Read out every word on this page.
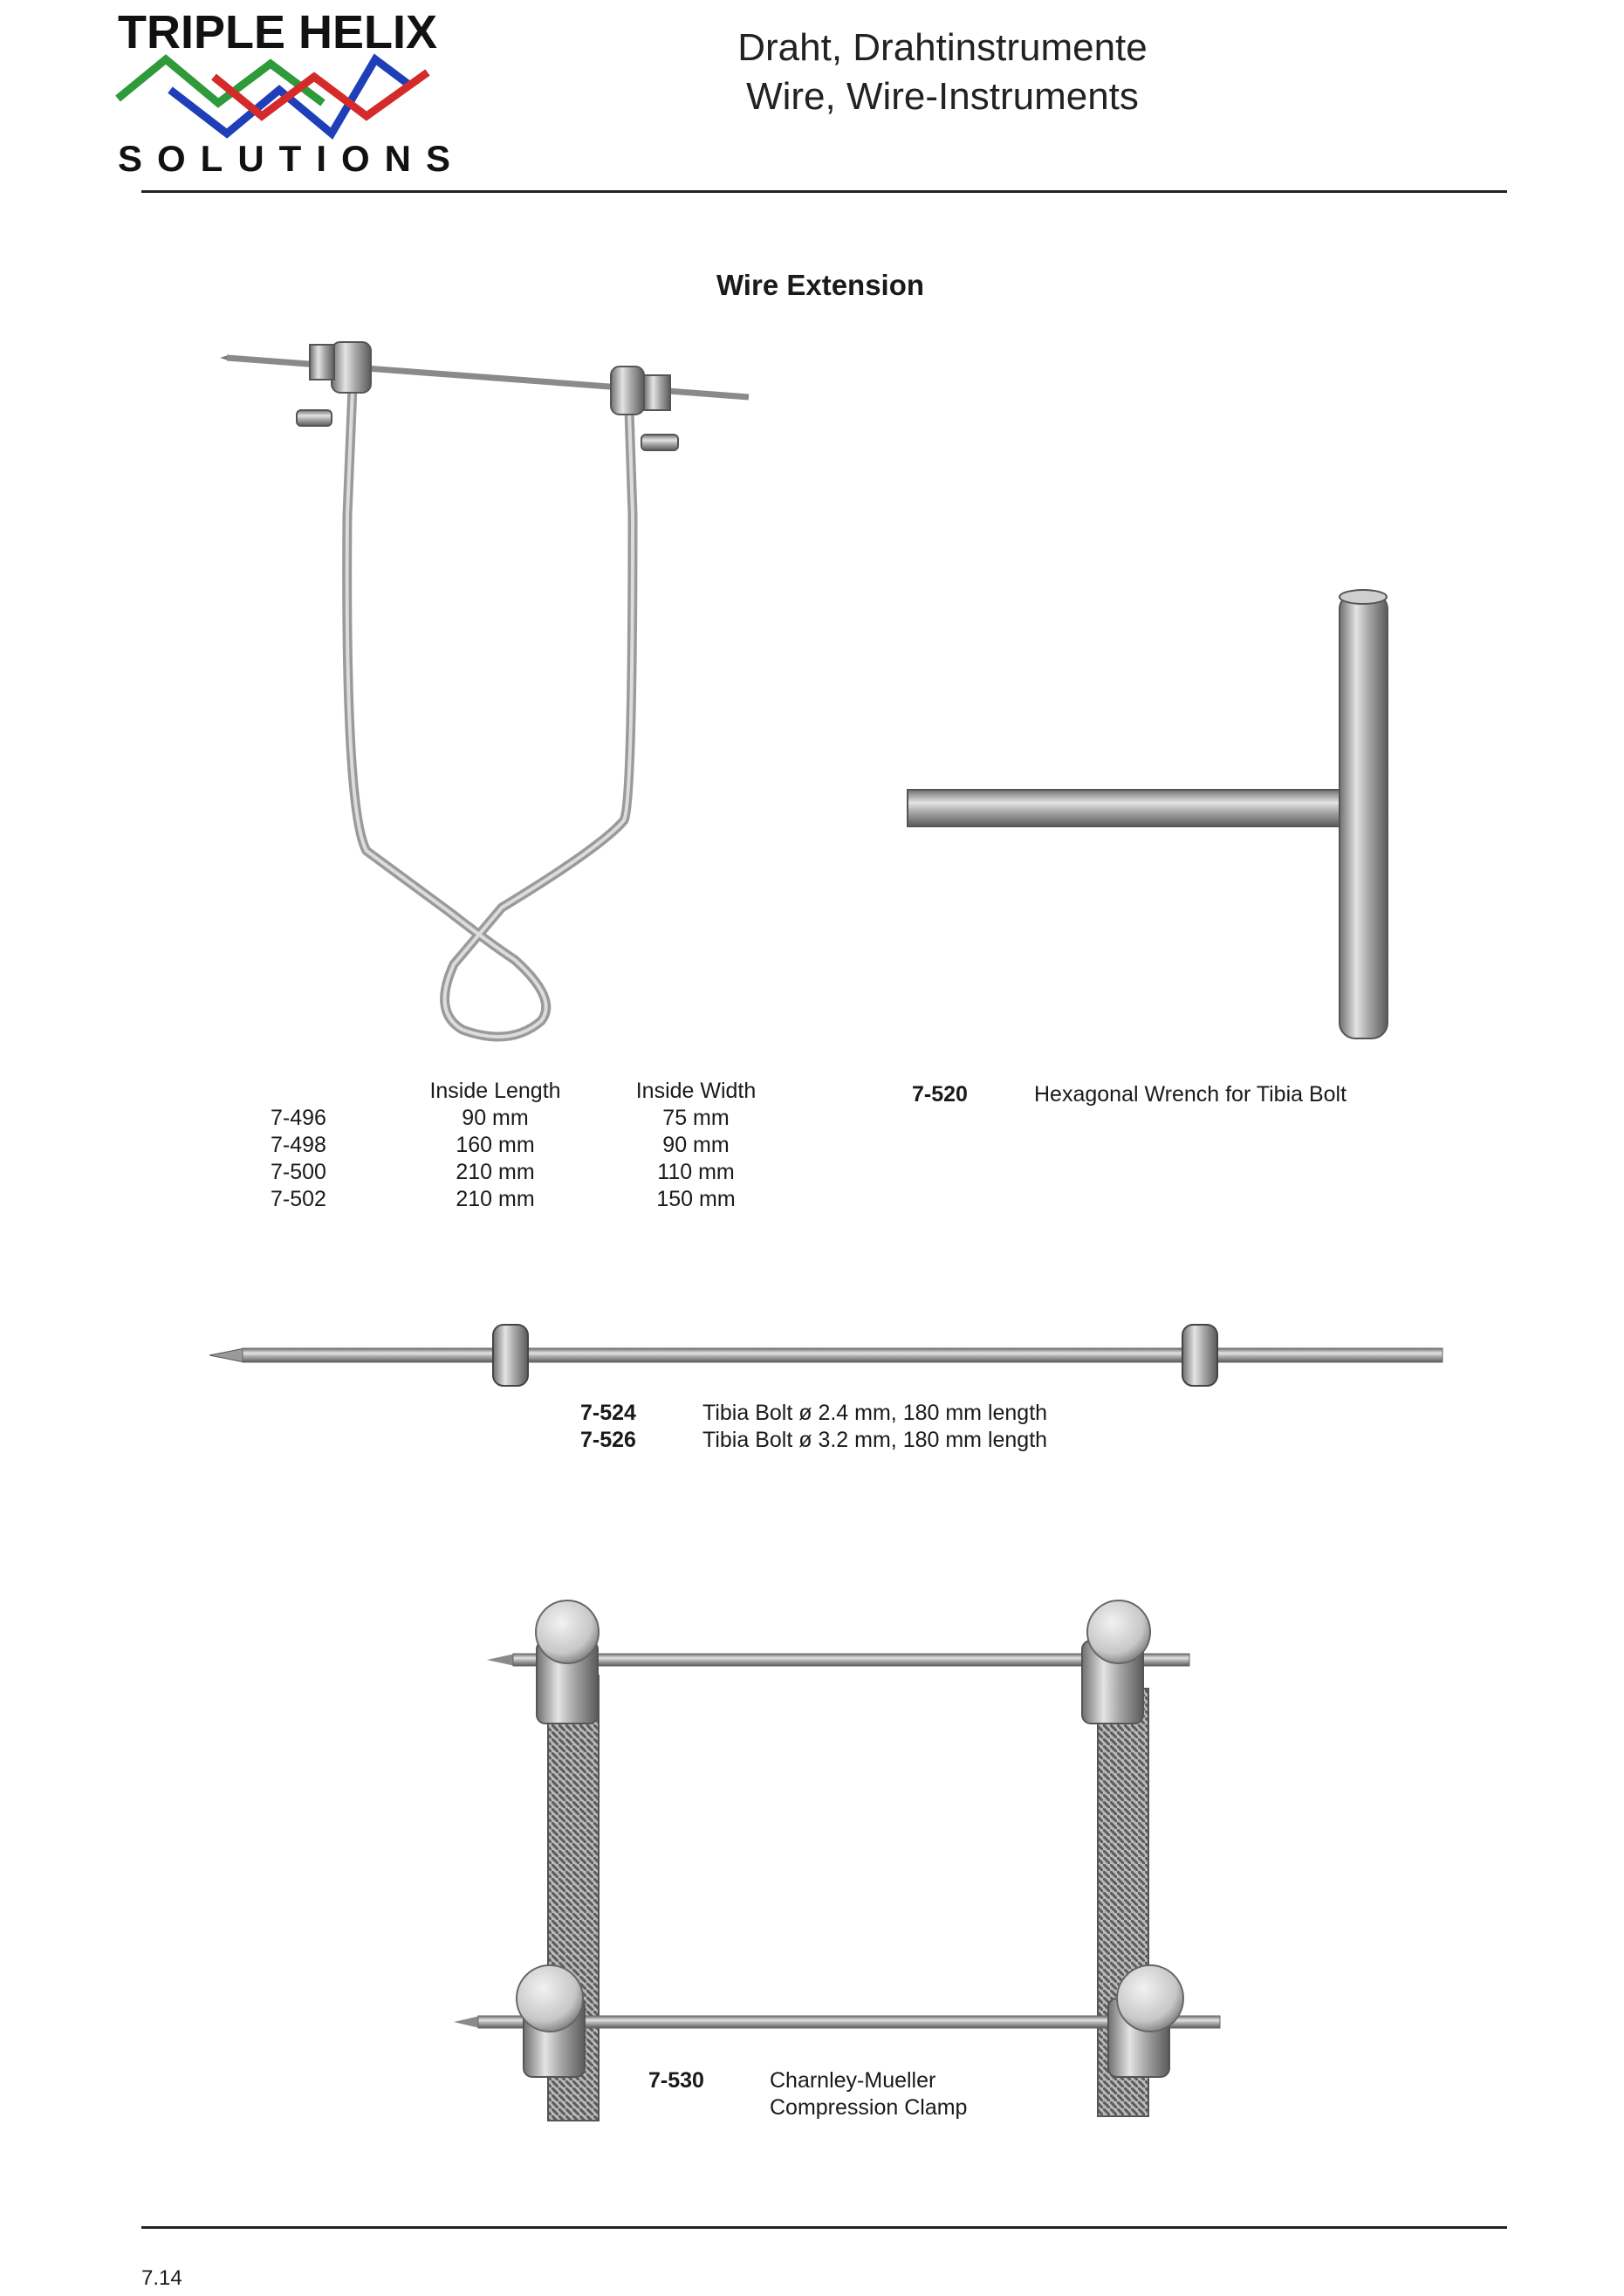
TRIPLE HELIX
SOLUTIONS
Draht, Drahtinstrumente
Wire, Wire-Instruments
Wire Extension
	Inside Length	Inside Width
7-496	90 mm	75 mm
7-498	160 mm	90 mm
7-500	210 mm	110 mm
7-502	210 mm	150 mm
7-520	Hexagonal Wrench for Tibia Bolt
7-524	Tibia Bolt ø 2.4 mm, 180 mm length
7-526	Tibia Bolt ø 3.2 mm, 180 mm length
7-530	Charnley-Mueller
Compression Clamp
7.14
